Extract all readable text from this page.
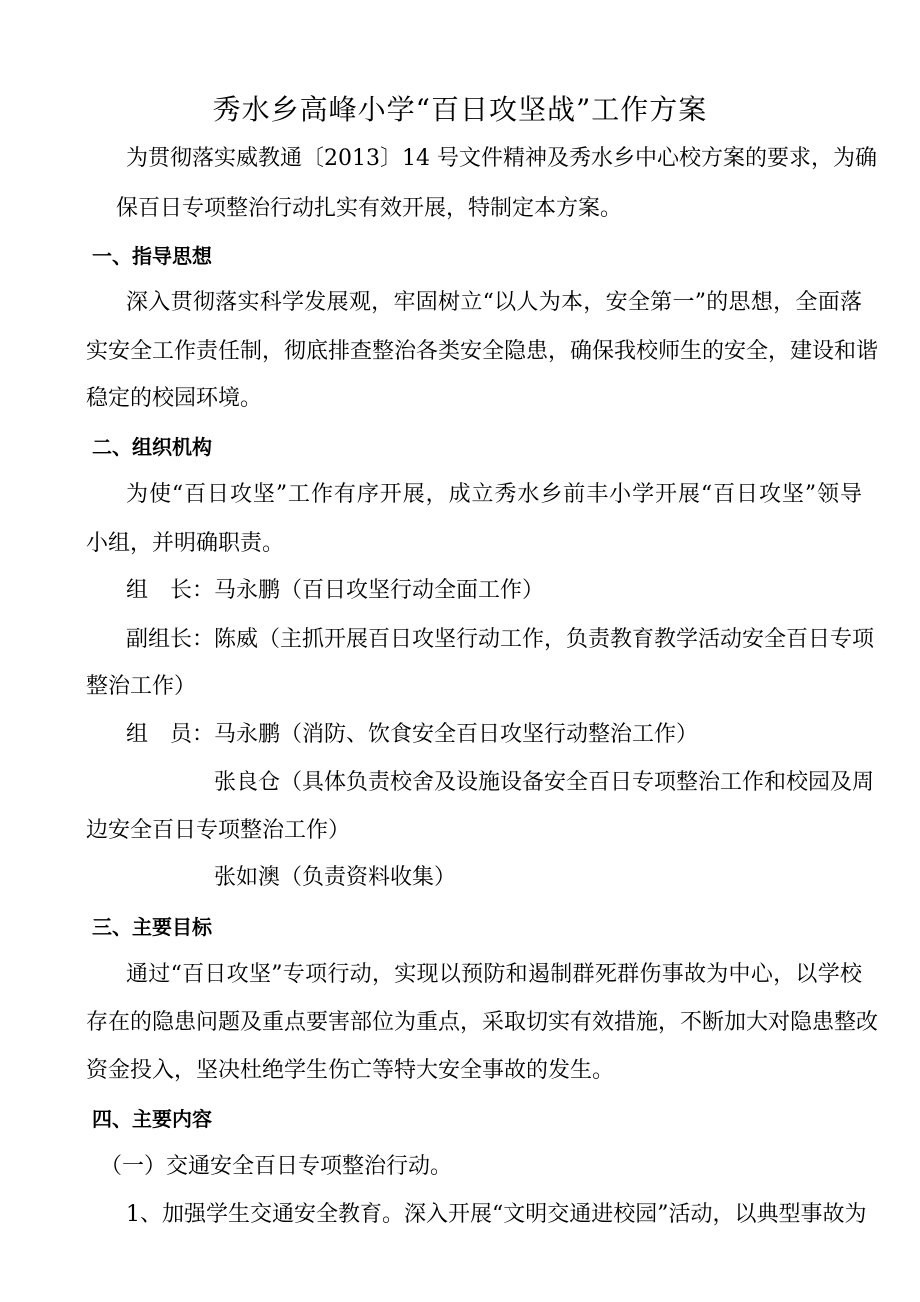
秀水乡高峰小学“百日攻坚战”工作方案
为贯彻落实威教通〔2013〕14 号文件精神及秀水乡中心校方案的要求，为确
保百日专项整治行动扎实有效开展，特制定本方案。
一、指导思想
深入贯彻落实科学发展观，牢固树立“以人为本，安全第一”的思想，全面落
实安全工作责任制，彻底排查整治各类安全隐患，确保我校师生的安全，建设和谐
稳定的校园环境。
二、组织机构
为使“百日攻坚”工作有序开展，成立秀水乡前丰小学开展“百日攻坚”领导
小组，并明确职责。
组　长：马永鹏（百日攻坚行动全面工作）
副组长：陈威（主抓开展百日攻坚行动工作，负责教育教学活动安全百日专项
整治工作）
组　员：马永鹏（消防、饮食安全百日攻坚行动整治工作）
张良仓（具体负责校舍及设施设备安全百日专项整治工作和校园及周
边安全百日专项整治工作）
张如澳（负责资料收集）
三、主要目标
通过“百日攻坚”专项行动，实现以预防和遏制群死群伤事故为中心，以学校
存在的隐患问题及重点要害部位为重点，采取切实有效措施，不断加大对隐患整改
资金投入，坚决杜绝学生伤亡等特大安全事故的发生。
四、主要内容
（一）交通安全百日专项整治行动。
1、加强学生交通安全教育。深入开展“文明交通进校园”活动，以典型事故为
